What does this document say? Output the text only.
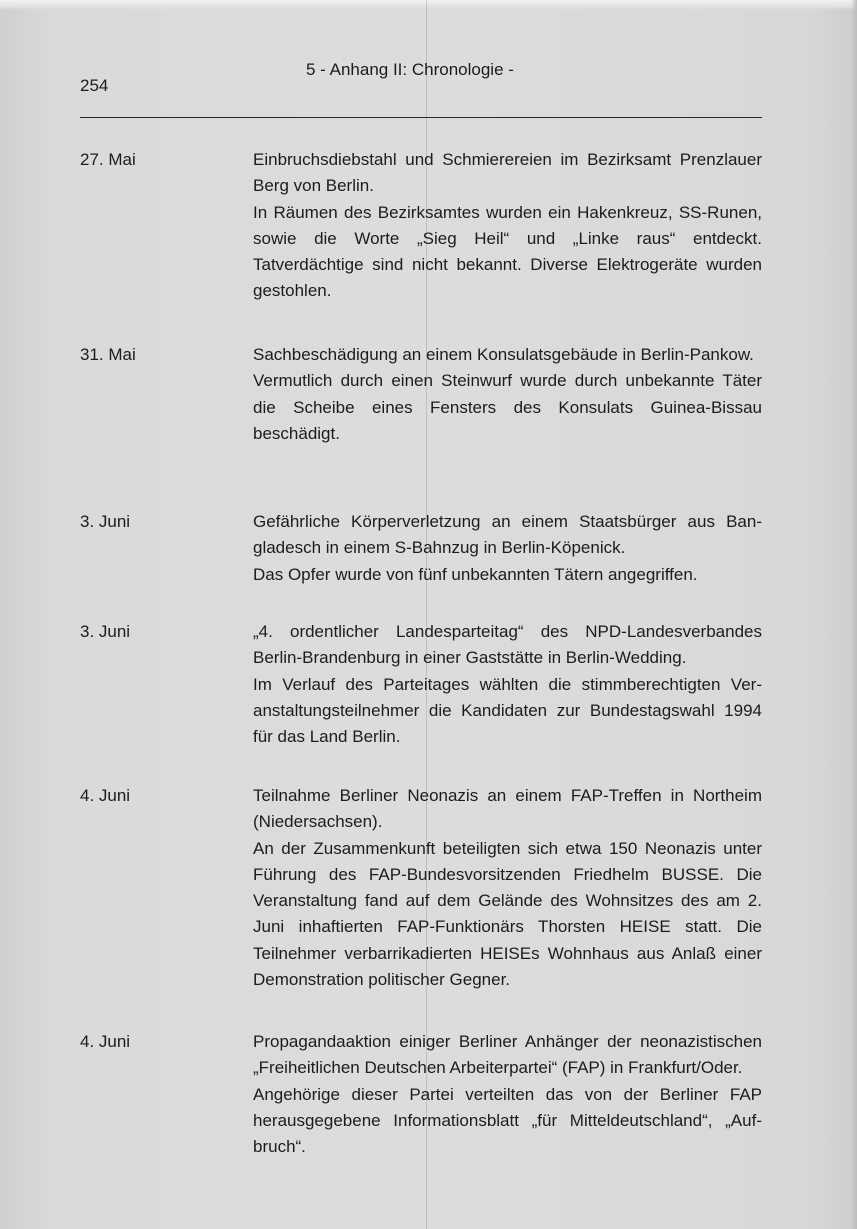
254
5 - Anhang II: Chronologie -
27. Mai	Einbruchsdiebstahl und Schmierereien im Bezirksamt Prenzlauer Berg von Berlin.

In Räumen des Bezirksamtes wurden ein Hakenkreuz, SS-Runen, sowie die Worte „Sieg Heil“ und „Linke raus“ entdeckt. Tatverdächtige sind nicht bekannt. Diverse Elektrogeräte wurden gestohlen.

31. Mai	Sachbeschädigung an einem Konsulatsgebäude in Berlin-Pankow.

Vermutlich durch einen Steinwurf wurde durch unbekannte Täter die Scheibe eines Fensters des Konsulats Guinea-Bissau beschädigt.

3. Juni	Gefährliche Körperverletzung an einem Staatsbürger aus Bangladesch in einem S-Bahnzug in Berlin-Köpenick.

Das Opfer wurde von fünf unbekannten Tätern angegriffen.

3. Juni	„4. ordentlicher Landesparteitag“ des NPD-Landesverbandes Berlin-Brandenburg in einer Gaststätte in Berlin-Wedding.

Im Verlauf des Parteitages wählten die stimmberechtigten Veranstaltungsteilnehmer die Kandidaten zur Bundestagswahl 1994 für das Land Berlin.

4. Juni	Teilnahme Berliner Neonazis an einem FAP-Treffen in Northeim (Niedersachsen).

An der Zusammenkunft beteiligten sich etwa 150 Neonazis unter Führung des FAP-Bundesvorsitzenden Friedhelm BUSSE. Die Veranstaltung fand auf dem Gelände des Wohnsitzes des am 2. Juni inhaftierten FAP-Funktionärs Thorsten HEISE statt. Die Teilnehmer verbarrikadierten HEISEs Wohnhaus aus Anlaß einer Demonstration politischer Gegner.

4. Juni	Propagandaaktion einiger Berliner Anhänger der neonazistischen „Freiheitlichen Deutschen Arbeiterpartei“ (FAP) in Frankfurt/Oder.

Angehörige dieser Partei verteilten das von der Berliner FAP herausgegebene Informationsblatt „für Mitteldeutschland“, „Aufbruch“.
